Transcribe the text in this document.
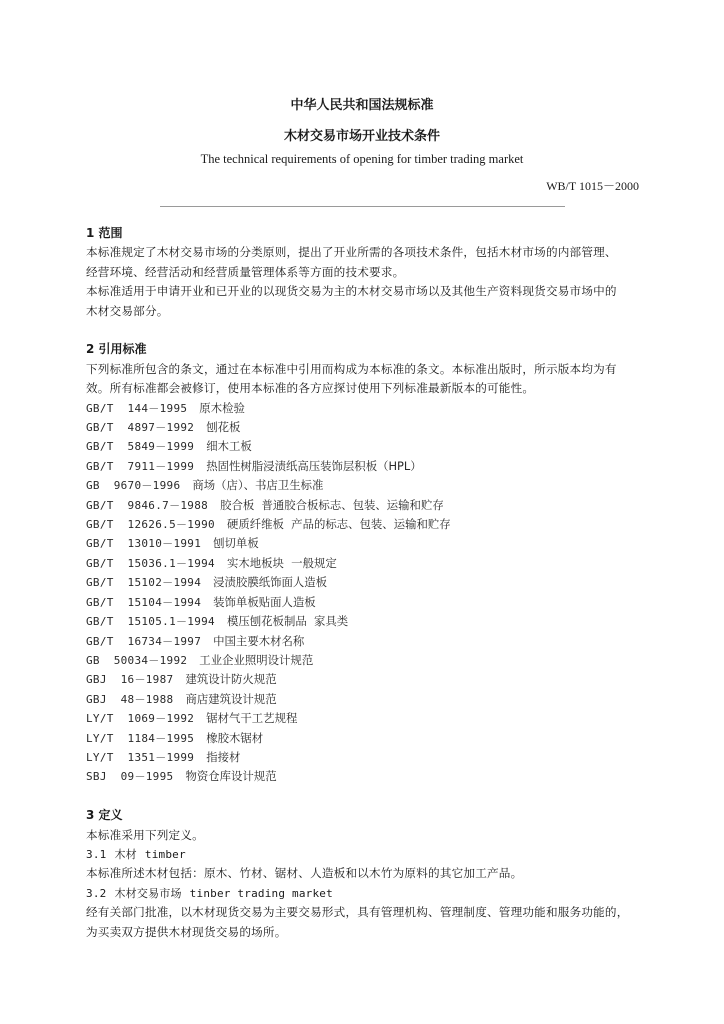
中华人民共和国法规标准
木材交易市场开业技术条件
The technical requirements of opening for timber trading market
WB/T 1015－2000
1 范围

本标准规定了木材交易市场的分类原则，提出了开业所需的各项技术条件，包括木材市场的内部管理、

经营环境、经营活动和经营质量管理体系等方面的技术要求。

本标准适用于申请开业和已开业的以现货交易为主的木材交易市场以及其他生产资料现货交易市场中的

木材交易部分。

2 引用标准

下列标准所包含的条文，通过在本标准中引用而构成为本标准的条文。本标准出版时，所示版本均为有

效。所有标准都会被修订，使用本标准的各方应探讨使用下列标准最新版本的可能性。

GB/T  144－1995 原木检验
GB/T  4897－1992 刨花板
GB/T  5849－1999 细木工板
GB/T  7911－1999 热固性树脂浸渍纸高压装饰层积板（HPL）
GB  9670－1996 商场（店）、书店卫生标准
GB/T  9846.7－1988 胶合板  普通胶合板标志、包装、运输和贮存
GB/T  12626.5－1990 硬质纤维板  产品的标志、包装、运输和贮存
GB/T  13010－1991 刨切单板
GB/T  15036.1－1994 实木地板块  一般规定
GB/T  15102－1994 浸渍胶膜纸饰面人造板
GB/T  15104－1994 装饰单板贴面人造板
GB/T  15105.1－1994 模压刨花板制品  家具类
GB/T  16734－1997 中国主要木材名称
GB  50034－1992 工业企业照明设计规范
GBJ  16－1987 建筑设计防火规范
GBJ  48－1988 商店建筑设计规范
LY/T  1069－1992 锯材气干工艺规程
LY/T  1184－1995 橡胶木锯材
LY/T  1351－1999 指接材
SBJ  09－1995 物资仓库设计规范
3 定义

本标准采用下列定义。

3.1 木材 timber

本标准所述木材包括：原木、竹材、锯材、人造板和以木竹为原料的其它加工产品。

3.2 木材交易市场 tinber trading market

经有关部门批准，以木材现货交易为主要交易形式，具有管理机构、管理制度、管理功能和服务功能的，

为买卖双方提供木材现货交易的场所。
